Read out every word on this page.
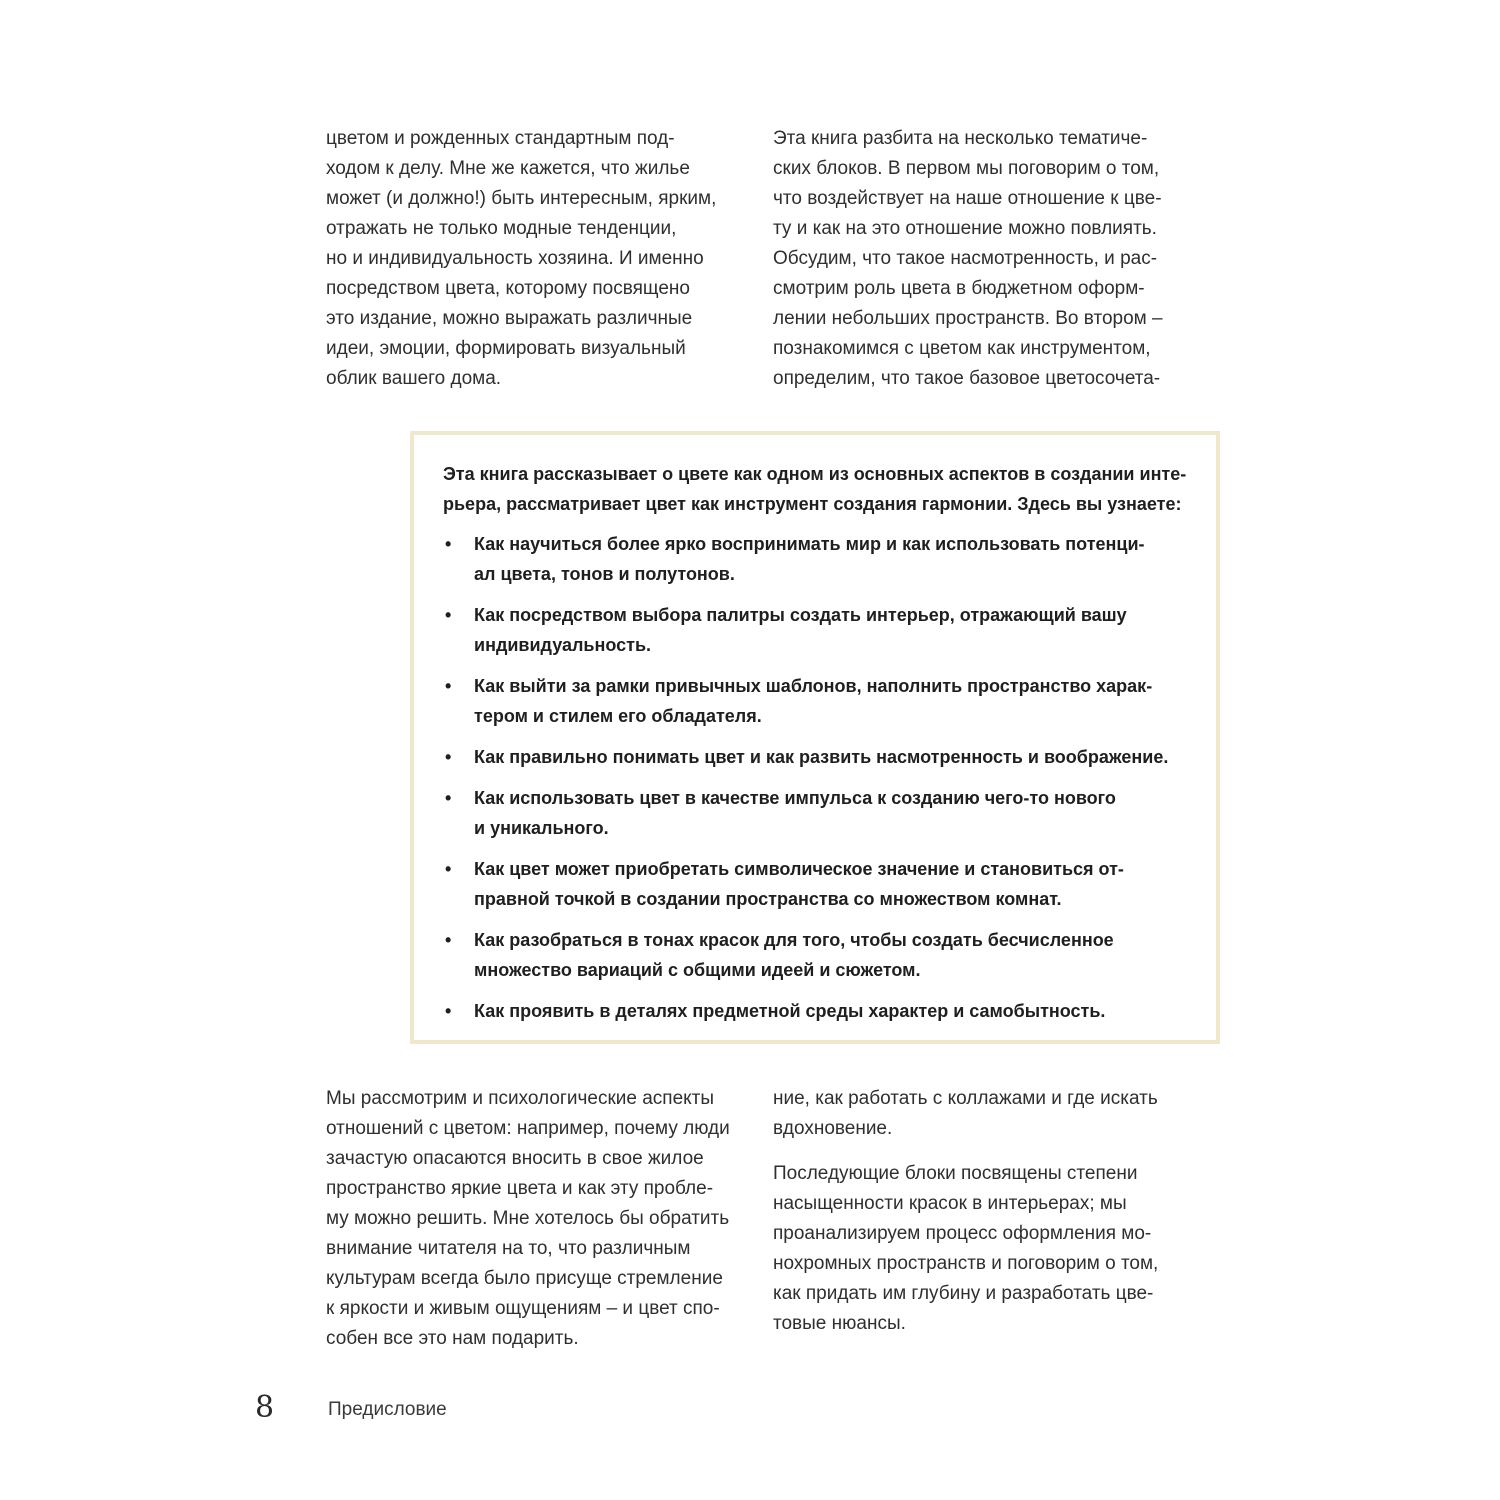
цветом и рожденных стандартным под-
ходом к делу. Мне же кажется, что жилье
может (и должно!) быть интересным, ярким,
отражать не только модные тенденции,
но и индивидуальность хозяина. И именно
посредством цвета, которому посвящено
это издание, можно выражать различные
идеи, эмоции, формировать визуальный
облик вашего дома.
Эта книга разбита на несколько тематиче-
ских блоков. В первом мы поговорим о том,
что воздействует на наше отношение к цве-
ту и как на это отношение можно повлиять.
Обсудим, что такое насмотренность, и рас-
смотрим роль цвета в бюджетном оформ-
лении небольших пространств. Во втором –
познакомимся с цветом как инструментом,
определим, что такое базовое цветосочета-
Эта книга рассказывает о цвете как одном из основных аспектов в создании инте-
рьера, рассматривает цвет как инструмент создания гармонии. Здесь вы узнаете:
• Как научиться более ярко воспринимать мир и как использовать потенци-
ал цвета, тонов и полутонов.
• Как посредством выбора палитры создать интерьер, отражающий вашу
индивидуальность.
• Как выйти за рамки привычных шаблонов, наполнить пространство харак-
тером и стилем его обладателя.
• Как правильно понимать цвет и как развить насмотренность и воображение.
• Как использовать цвет в качестве импульса к созданию чего-то нового
и уникального.
• Как цвет может приобретать символическое значение и становиться от-
правной точкой в создании пространства со множеством комнат.
• Как разобраться в тонах красок для того, чтобы создать бесчисленное
множество вариаций с общими идеей и сюжетом.
• Как проявить в деталях предметной среды характер и самобытность.
Мы рассмотрим и психологические аспекты
отношений с цветом: например, почему люди
зачастую опасаются вносить в свое жилое
пространство яркие цвета и как эту пробле-
му можно решить. Мне хотелось бы обратить
внимание читателя на то, что различным
культурам всегда было присуще стремление
к яркости и живым ощущениям – и цвет спо-
собен все это нам подарить.
ние, как работать с коллажами и где искать
вдохновение.
Последующие блоки посвящены степени
насыщенности красок в интерьерах; мы
проанализируем процесс оформления мо-
нохромных пространств и поговорим о том,
как придать им глубину и разработать цве-
товые нюансы.
8	Предисловие
